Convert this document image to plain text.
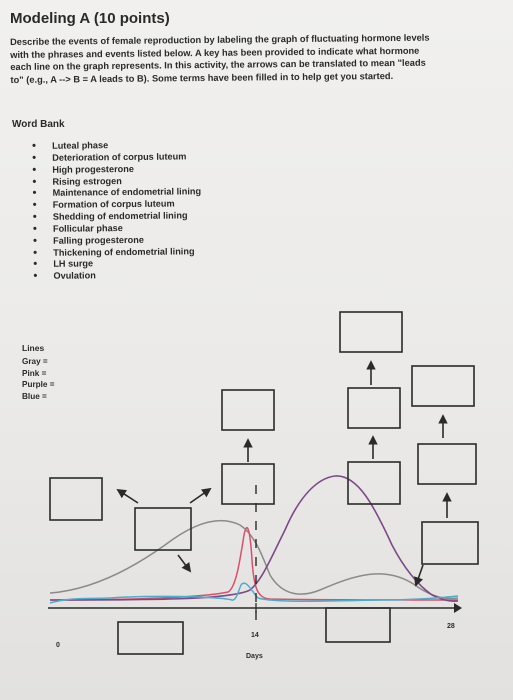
Modeling A (10 points)

Describe the events of female reproduction by labeling the graph of fluctuating hormone levels

with the phrases and events listed below. A key has been provided to indicate what hormone

each line on the graph represents. In this activity, the arrows can be translated to mean "leads

to" (e.g., A --> B = A leads to B). Some terms have been filled in to help get you started.

Word Bank
• Luteal phase
• Deterioration of corpus luteum
• High progesterone
• Rising estrogen
• Maintenance of endometrial lining
• Formation of corpus luteum
• Shedding of endometrial lining
• Follicular phase
• Falling progesterone
• Thickening of endometrial lining
• LH surge
• Ovulation
Lines
Gray =
Pink =
Purple =
Blue =
0
14
28
Days
